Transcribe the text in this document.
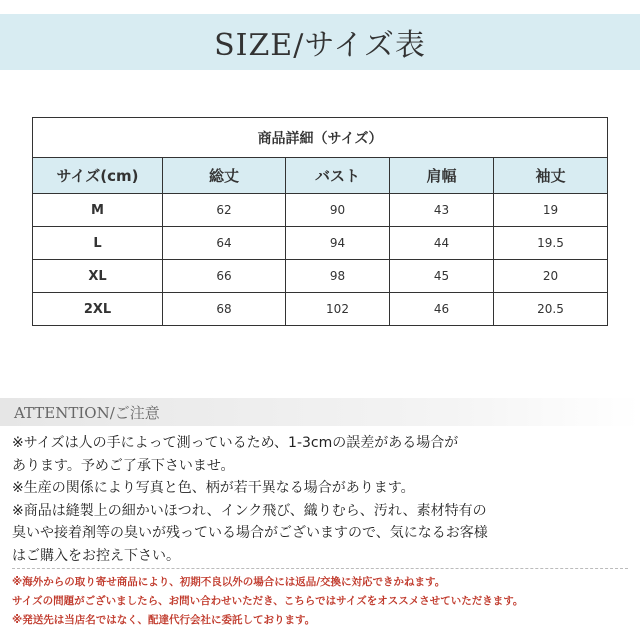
SIZE/サイズ表
商品詳細（サイズ）				
サイズ(cm)	総丈	バスト	肩幅	袖丈
M	62	90	43	19
L	64	94	44	19.5
XL	66	98	45	20
2XL	68	102	46	20.5
ATTENTION/ご注意

※サイズは人の手によって測っているため、1-3cmの誤差がある場合が

あります。予めご了承下さいませ。

※生産の関係により写真と色、柄が若干異なる場合があります。

※商品は縫製上の細かいほつれ、インク飛び、織りむら、汚れ、素材特有の

臭いや接着剤等の臭いが残っている場合がございますので、気になるお客様

はご購入をお控え下さい。

※海外からの取り寄せ商品により、初期不良以外の場合には返品/交換に対応できかねます。

サイズの問題がございましたら、お問い合わせいただき、こちらではサイズをオススメさせていただきます。

※発送先は当店名ではなく、配達代行会社に委託しております。
